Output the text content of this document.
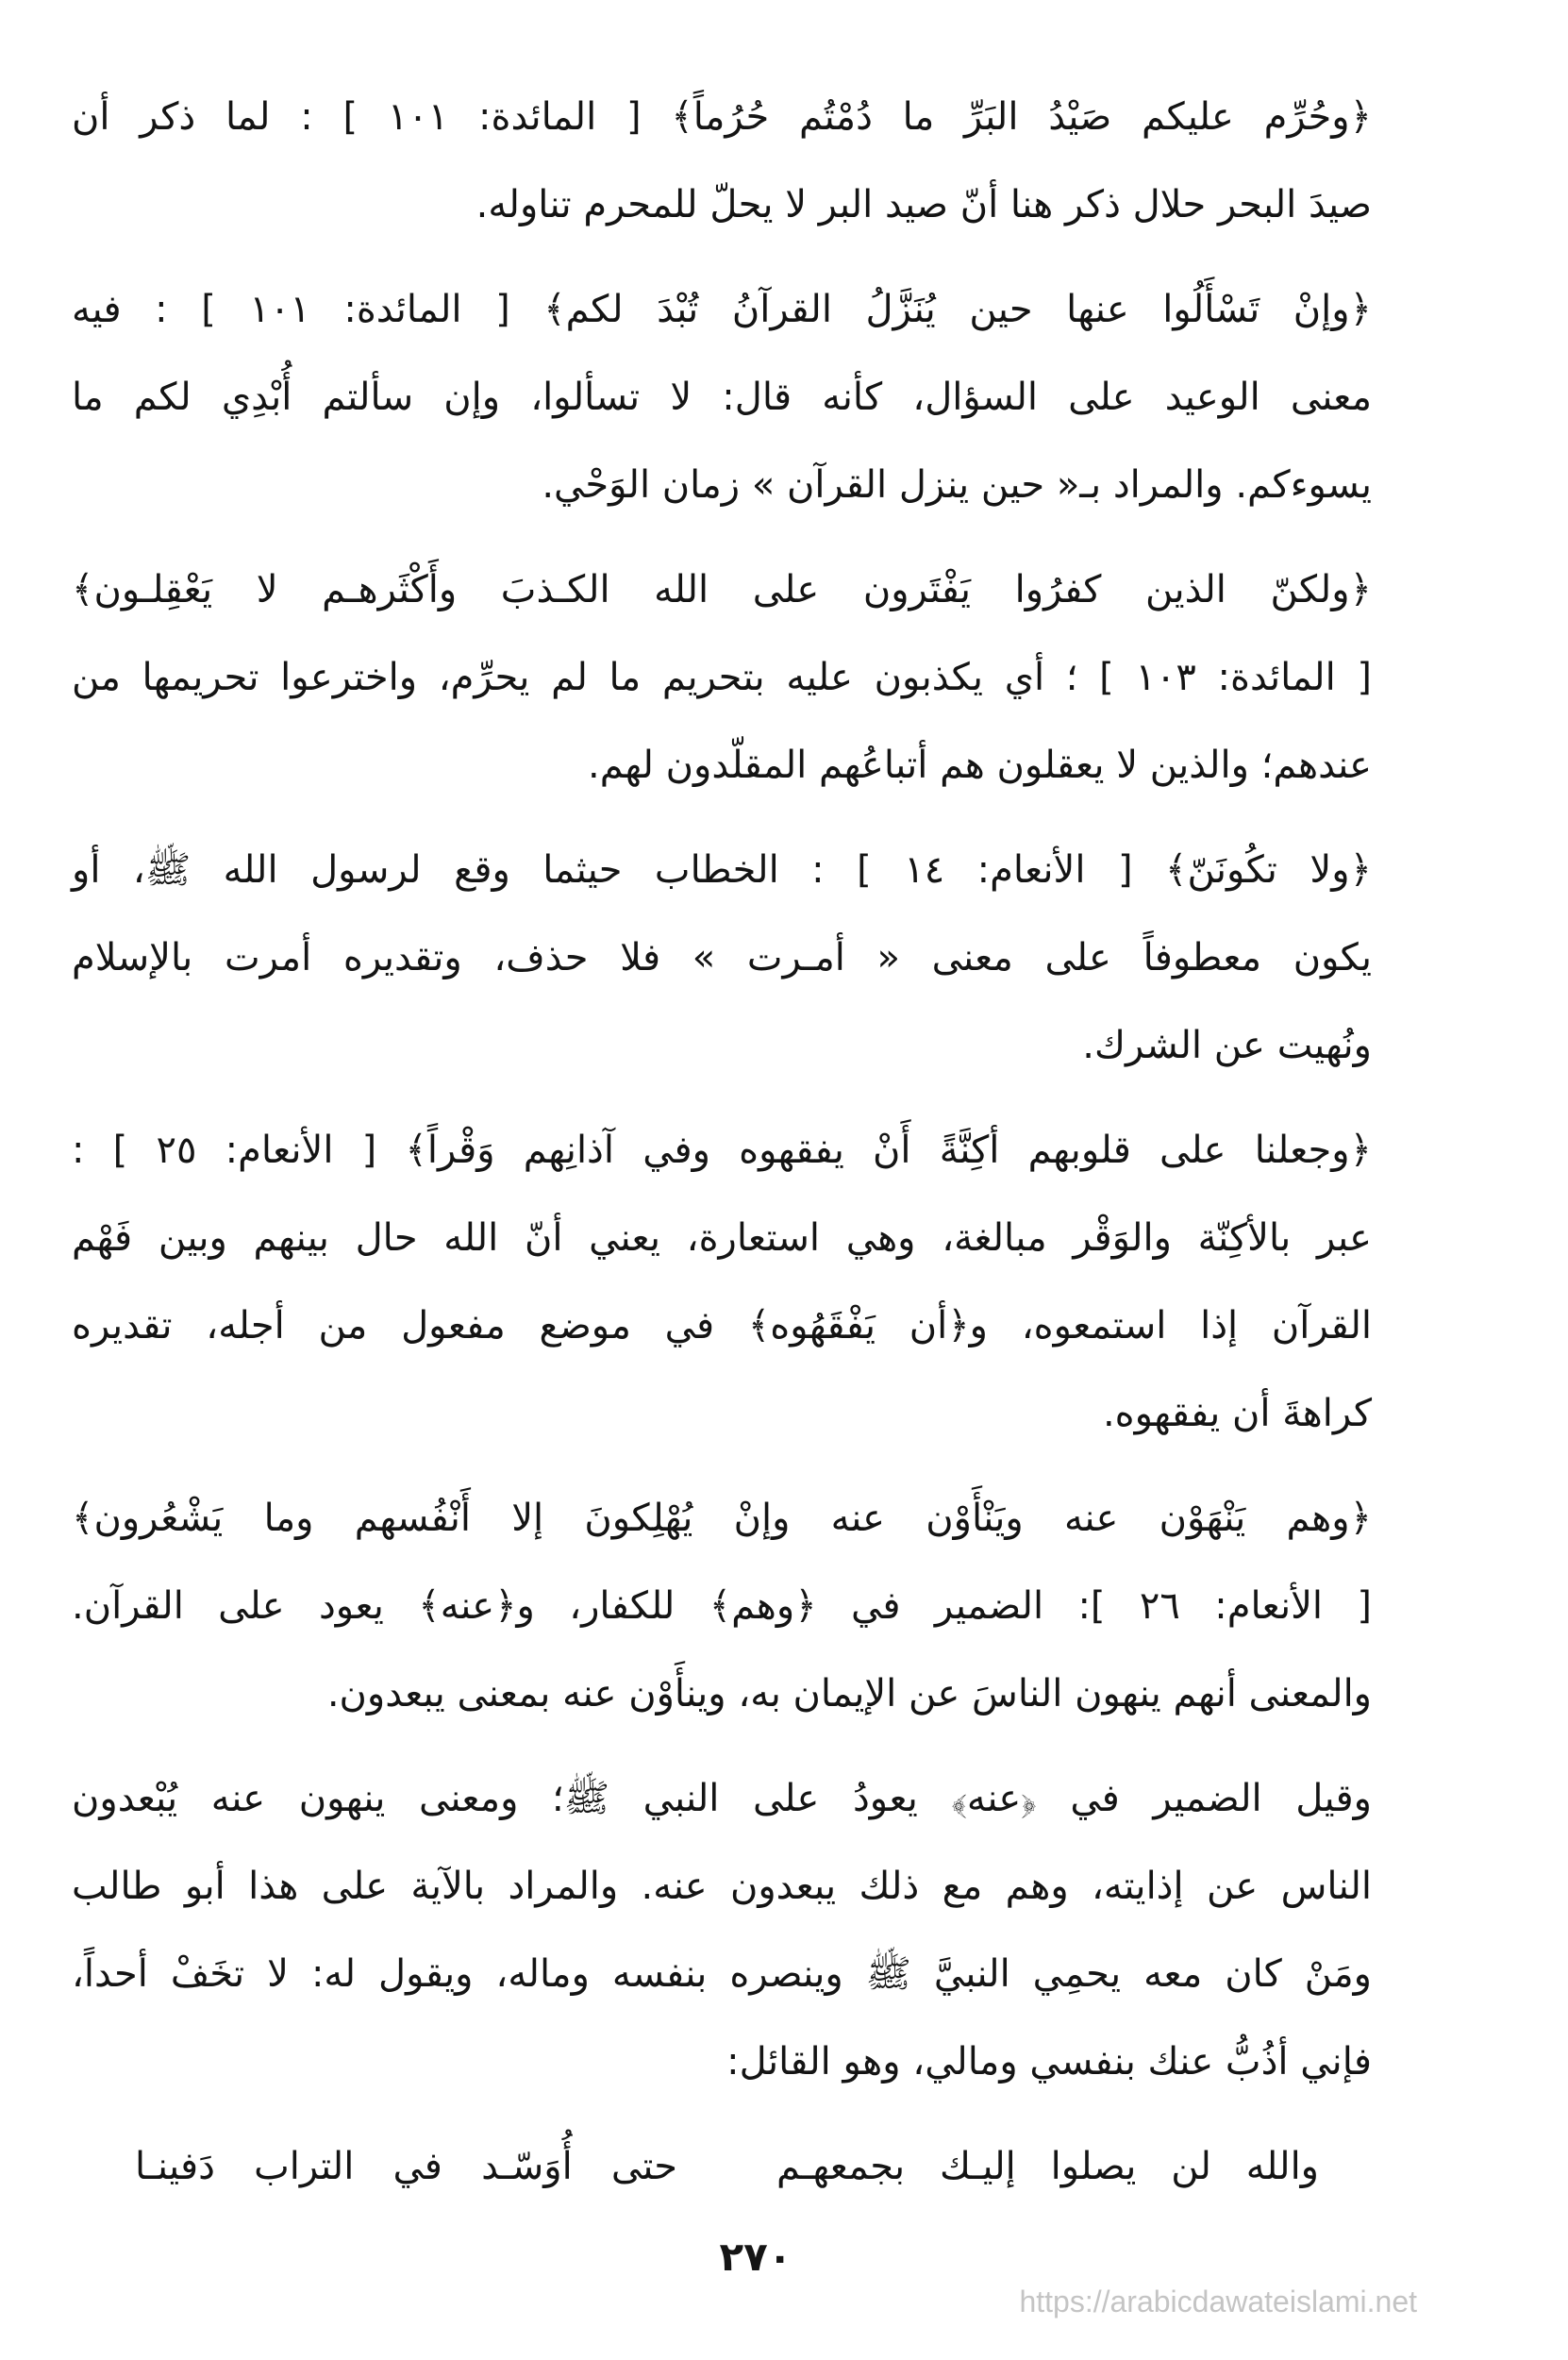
﴿وحُرِّم عليكم صَيْدُ البَرِّ ما دُمْتُم حُرُماً﴾ [ المائدة: ١٠١ ] : لما ذكر أن
صيدَ البحر حلال ذكر هنا أنّ صيد البر لا يحلّ للمحرم تناوله.
﴿وإنْ تَسْأَلُوا عنها حين يُنَزَّلُ القرآنُ تُبْدَ لكم﴾ [ المائدة: ١٠١ ] : فيه
معنى الوعيد على السؤال، كأنه قال: لا تسألوا، وإن سألتم أُبْدِي لكم ما
يسوءكم. والمراد بـ« حين ينزل القرآن » زمان الوَحْي.
﴿ولكنّ الذين كفرُوا يَفْتَرون على الله الكـذبَ وأَكْثَرهـم لا يَعْقِلـون﴾
[ المائدة: ١٠٣ ] ؛ أي يكذبون عليه بتحريم ما لم يحرِّم، واخترعوا تحريمها من
عندهم؛ والذين لا يعقلون هم أتباعُهم المقلّدون لهم.
﴿ولا تكُونَنّ﴾ [ الأنعام: ١٤ ] : الخطاب حيثما وقع لرسول الله ﷺ، أو
يكون معطوفاً على معنى « أمـرت » فلا حذف، وتقديره أمرت بالإسلام
ونُهيت عن الشرك.
﴿وجعلنا على قلوبهم أكِنَّةً أَنْ يفقهوه وفي آذانِهم وَقْراً﴾ [ الأنعام: ٢٥ ] :
عبر بالأكِنّة والوَقْر مبالغة، وهي استعارة، يعني أنّ الله حال بينهم وبين فَهْم
القرآن إذا استمعوه، و﴿أن يَفْقَهُوه﴾ في موضع مفعول من أجله، تقديره
كراهةَ أن يفقهوه.
﴿وهم يَنْهَوْن عنه ويَنْأَوْن عنه وإنْ يُهْلِكونَ إلا أَنْفُسهم وما يَشْعُرون﴾
[ الأنعام: ٢٦ ]: الضمير في ﴿وهم﴾ للكفار، و﴿عنه﴾ يعود على القرآن.
والمعنى أنهم ينهون الناسَ عن الإيمان به، وينأَوْن عنه بمعنى يبعدون.
وقيل الضمير في ﴿عنه﴾ يعودُ على النبي ﷺ؛ ومعنى ينهون عنه يُبْعدون
الناس عن إذايته، وهم مع ذلك يبعدون عنه. والمراد بالآية على هذا أبو طالب
ومَنْ كان معه يحمِي النبيَّ ﷺ وينصره بنفسه وماله، ويقول له: لا تخَفْ أحداً،
فإني أذُبُّ عنك بنفسي ومالي، وهو القائل:
والله لن يصلوا إليـك بجمعهـم
حتى أُوَسّـد في التراب دَفينـا
٢٧٠
https://arabicdawateislami.net
